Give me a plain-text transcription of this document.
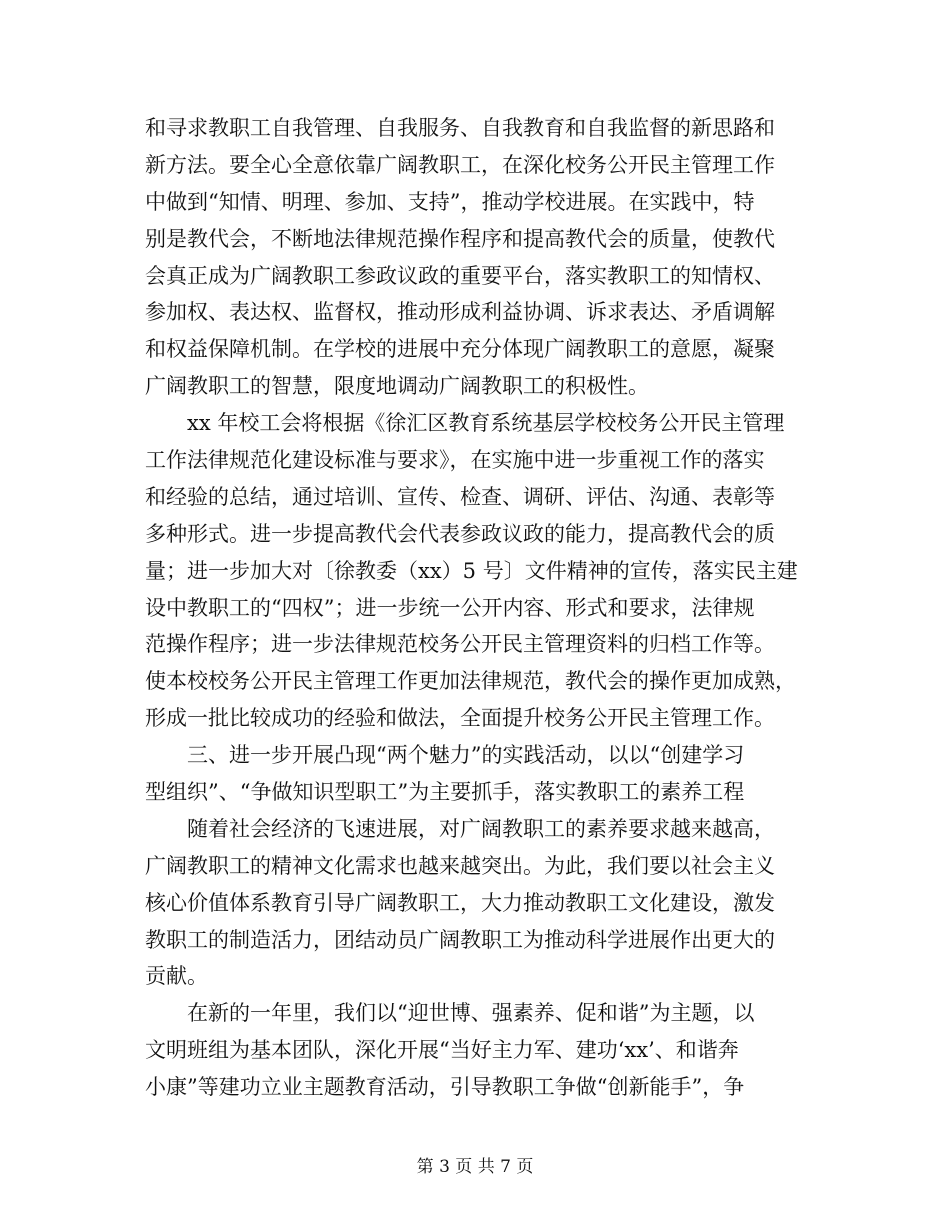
和寻求教职工自我管理、自我服务、自我教育和自我监督的新思路和
新方法。要全心全意依靠广阔教职工，在深化校务公开民主管理工作
中做到“知情、明理、参加、支持”，推动学校进展。在实践中，特
别是教代会，不断地法律规范操作程序和提高教代会的质量，使教代
会真正成为广阔教职工参政议政的重要平台，落实教职工的知情权、
参加权、表达权、监督权，推动形成利益协调、诉求表达、矛盾调解
和权益保障机制。在学校的进展中充分体现广阔教职工的意愿，凝聚
广阔教职工的智慧，限度地调动广阔教职工的积极性。
xx 年校工会将根据《徐汇区教育系统基层学校校务公开民主管理
工作法律规范化建设标准与要求》，在实施中进一步重视工作的落实
和经验的总结，通过培训、宣传、检查、调研、评估、沟通、表彰等
多种形式。进一步提高教代会代表参政议政的能力，提高教代会的质
量；进一步加大对〔徐教委（xx）5 号〕文件精神的宣传，落实民主建
设中教职工的“四权”；进一步统一公开内容、形式和要求，法律规
范操作程序；进一步法律规范校务公开民主管理资料的归档工作等。
使本校校务公开民主管理工作更加法律规范，教代会的操作更加成熟，
形成一批比较成功的经验和做法，全面提升校务公开民主管理工作。
三、进一步开展凸现“两个魅力”的实践活动，以以“创建学习
型组织”、“争做知识型职工”为主要抓手，落实教职工的素养工程
随着社会经济的飞速进展，对广阔教职工的素养要求越来越高，
广阔教职工的精神文化需求也越来越突出。为此，我们要以社会主义
核心价值体系教育引导广阔教职工，大力推动教职工文化建设，激发
教职工的制造活力，团结动员广阔教职工为推动科学进展作出更大的
贡献。
在新的一年里，我们以“迎世博、强素养、促和谐”为主题，以
文明班组为基本团队，深化开展“当好主力军、建功‘xx’、和谐奔
小康”等建功立业主题教育活动，引导教职工争做“创新能手”，争
第 3 页 共 7 页
